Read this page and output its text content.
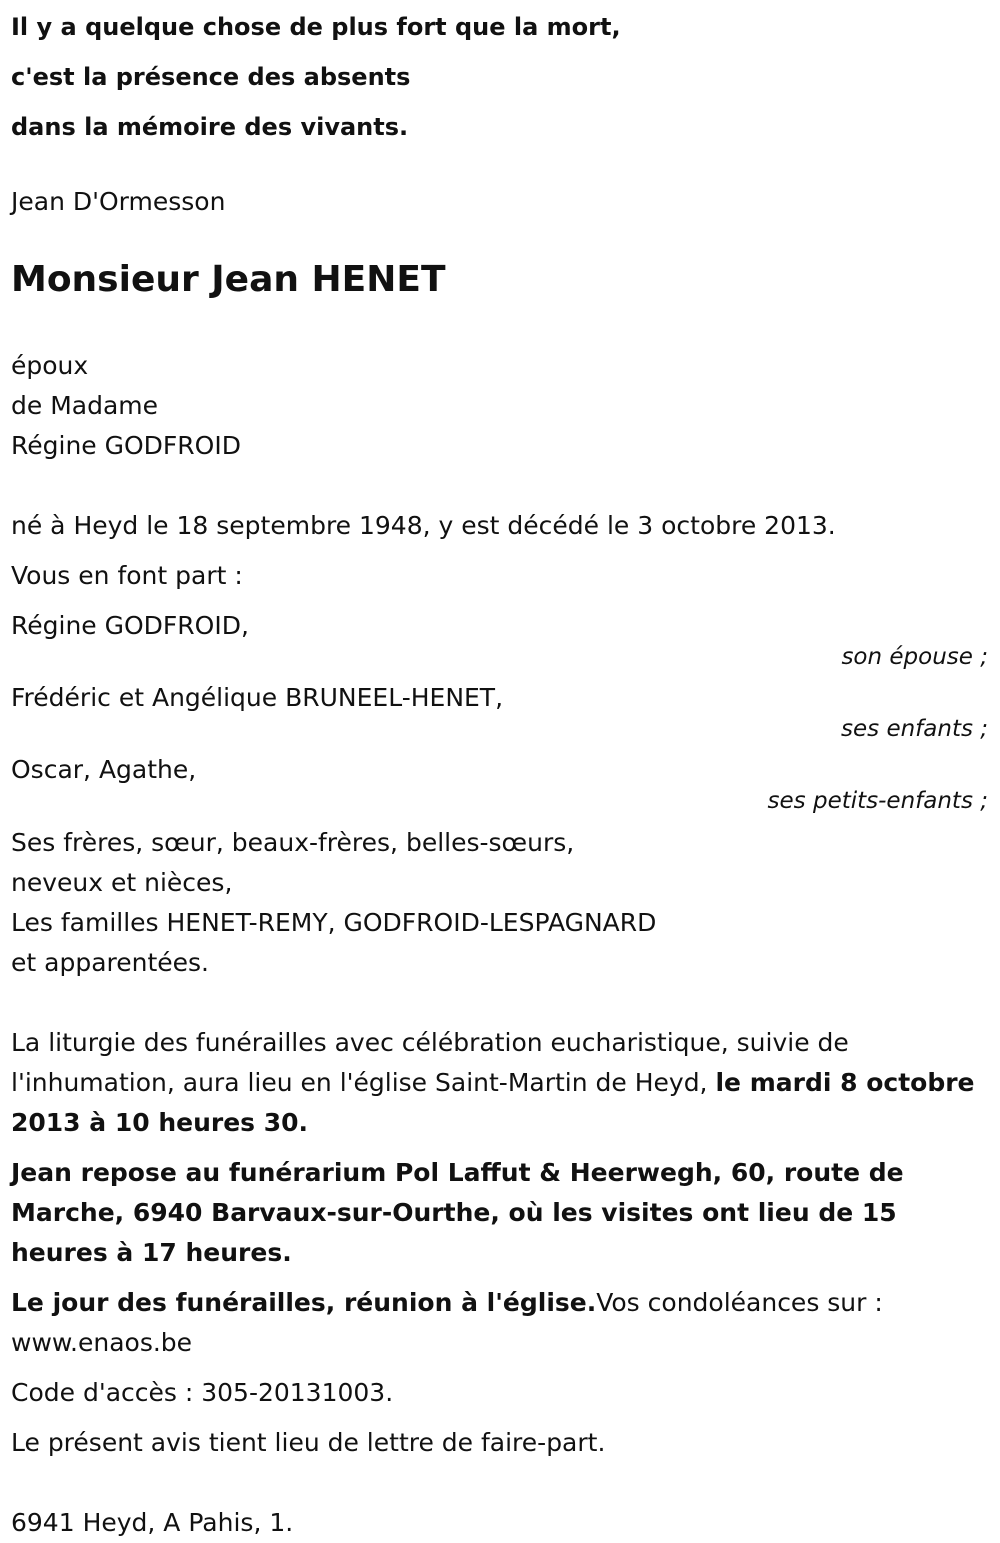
Il y a quelque chose de plus fort que la mort,

c'est la présence des absents

dans la mémoire des vivants.

Jean D'Ormesson

Monsieur Jean HENET

époux

de Madame

Régine GODFROID

né à Heyd le 18 septembre 1948, y est décédé le 3 octobre 2013.

Vous en font part :

Régine GODFROID,

son épouse ;

Frédéric et Angélique BRUNEEL-HENET,

ses enfants ;

Oscar, Agathe,

ses petits-enfants ;

Ses frères, sœur, beaux-frères, belles-sœurs,

neveux et nièces,

Les familles HENET-REMY, GODFROID-LESPAGNARD

et apparentées.

La liturgie des funérailles avec célébration eucharistique, suivie de l'inhumation, aura lieu en l'église Saint-Martin de Heyd, le mardi 8 octobre 2013 à 10 heures 30.

Jean repose au funérarium Pol Laffut & Heerwegh, 60, route de Marche, 6940 Barvaux-sur-Ourthe, où les visites ont lieu de 15 heures à 17 heures.

Le jour des funérailles, réunion à l'église.Vos condoléances sur : www.enaos.be

Code d'accès : 305-20131003.

Le présent avis tient lieu de lettre de faire-part.

6941 Heyd, A Pahis, 1.
